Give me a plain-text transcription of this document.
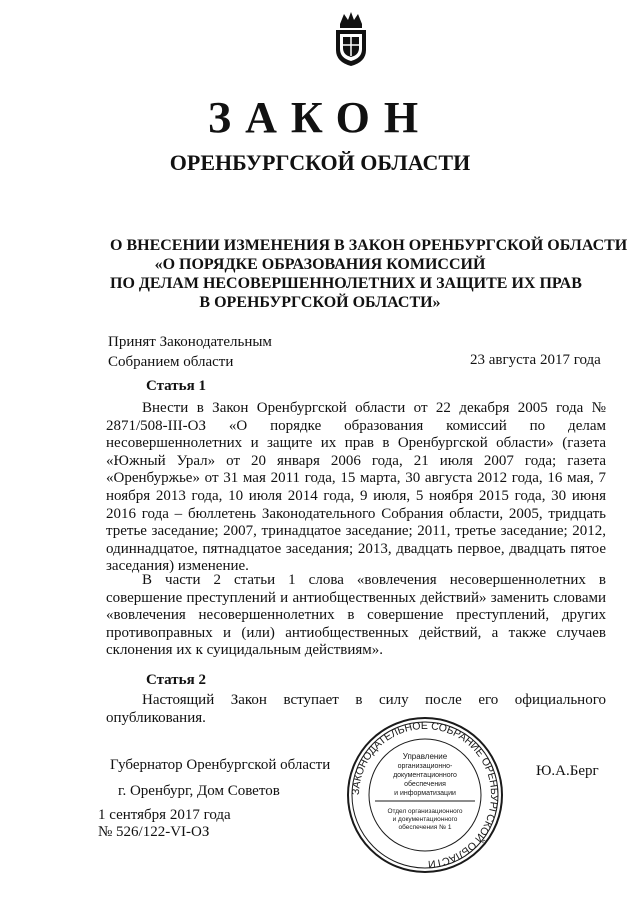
ЗАКОН
ОРЕНБУРГСКОЙ ОБЛАСТИ
О ВНЕСЕНИИ ИЗМЕНЕНИЯ В ЗАКОН ОРЕНБУРГСКОЙ ОБЛАСТИ
«О ПОРЯДКЕ ОБРАЗОВАНИЯ КОМИССИЙ
ПО ДЕЛАМ НЕСОВЕРШЕННОЛЕТНИХ И ЗАЩИТЕ ИХ ПРАВ
В ОРЕНБУРГСКОЙ ОБЛАСТИ»
Принят Законодательным
Собранием области	23 августа 2017 года
Статья 1
Внести в Закон Оренбургской области от 22 декабря 2005 года № 2871/508-III-ОЗ «О порядке образования комиссий по делам несовершеннолетних и защите их прав в Оренбургской области» (газета «Южный Урал» от 20 января 2006 года, 21 июля 2007 года; газета «Оренбуржье» от 31 мая 2011 года, 15 марта, 30 августа 2012 года, 16 мая, 7 ноября 2013 года, 10 июля 2014 года, 9 июля, 5 ноября 2015 года, 30 июня 2016 года – бюллетень Законодательного Собрания области, 2005, тридцать третье заседание; 2007, тринадцатое заседание; 2011, третье заседание; 2012, одиннадцатое, пятнадцатое заседания; 2013, двадцать первое, двадцать пятое заседания) изменение.
В части 2 статьи 1 слова «вовлечения несовершеннолетних в совершение преступлений и антиобщественных действий» заменить словами «вовлечения несовершеннолетних в совершение преступлений, других противоправных и (или) антиобщественных действий, а также случаев склонения их к суицидальным действиям».
Статья 2
Настоящий Закон вступает в силу после его официального опубликования.
Губернатор Оренбургской области
г. Оренбург, Дом Советов
1 сентября 2017 года
№ 526/122-VI-ОЗ
Ю.А.Берг
ЗАКОНОДАТЕЛЬНОЕ СОБРАНИЕ ОРЕНБУРГСКОЙ ОБЛАСТИ
Управление
организационно-
документационного
обеспечения
и информатизации
Отдел организационного
и документационного
обеспечения № 1
